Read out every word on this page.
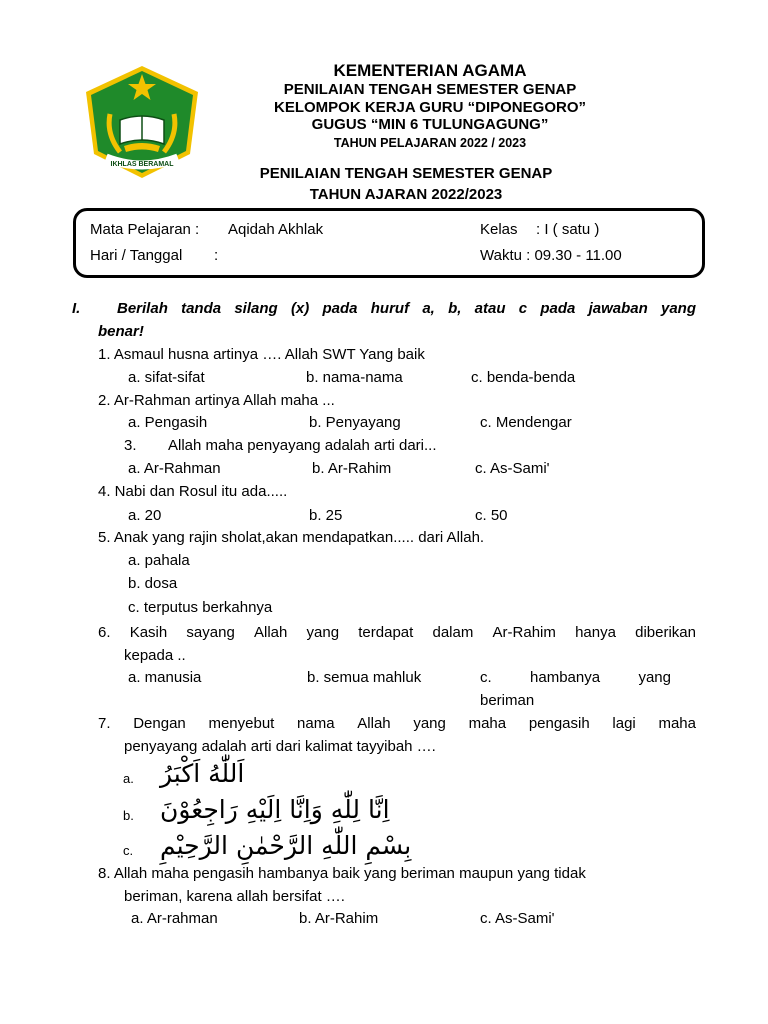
IKHLAS BERAMAL
KEMENTERIAN AGAMA
PENILAIAN TENGAH SEMESTER GENAP
KELOMPOK KERJA GURU “DIPONEGORO”
GUGUS “MIN 6 TULUNGAGUNG”
TAHUN PELAJARAN 2022 / 2023
PENILAIAN TENGAH SEMESTER GENAP
TAHUN AJARAN 2022/2023
Mata Pelajaran : Aqidah Akhlak	Kelas : I ( satu )
Hari / Tanggal :	Waktu : 09.30 - 11.00
I. Berilah tanda silang (x) pada huruf a, b, atau c pada jawaban yang
benar!
1. Asmaul husna artinya …. Allah SWT Yang baik
a. sifat-sifat	b. nama-nama	c. benda-benda
2. Ar-Rahman artinya Allah maha ...
a. Pengasih	b. Penyayang	c. Mendengar
3. Allah maha penyayang adalah arti dari...
a. Ar-Rahman	b. Ar-Rahim	c. As-Sami'
4. Nabi dan Rosul itu ada.....
a. 20	b. 25	c. 50
5. Anak yang rajin sholat,akan mendapatkan..... dari Allah.
a. pahala
b. dosa
c. terputus berkahnya
6. Kasih sayang Allah yang terdapat dalam Ar-Rahim hanya diberikan
kepada ..
a. manusia	b. semua mahluk	c.	hambanya	yang
beriman
7. Dengan menyebut nama Allah yang maha pengasih lagi maha
penyayang adalah arti dari kalimat tayyibah ….
a. اَللّٰهُ اَكْبَرُ
b. اِنَّا لِلّٰهِ وَاِنَّا اِلَيْهِ رَاجِعُوْنَ
c. بِسْمِ اللّٰهِ الرَّحْمٰنِ الرَّحِيْمِ
8. Allah maha pengasih hambanya baik yang beriman maupun yang tidak
beriman, karena allah bersifat ….
a. Ar-rahman	b. Ar-Rahim	c. As-Sami'
